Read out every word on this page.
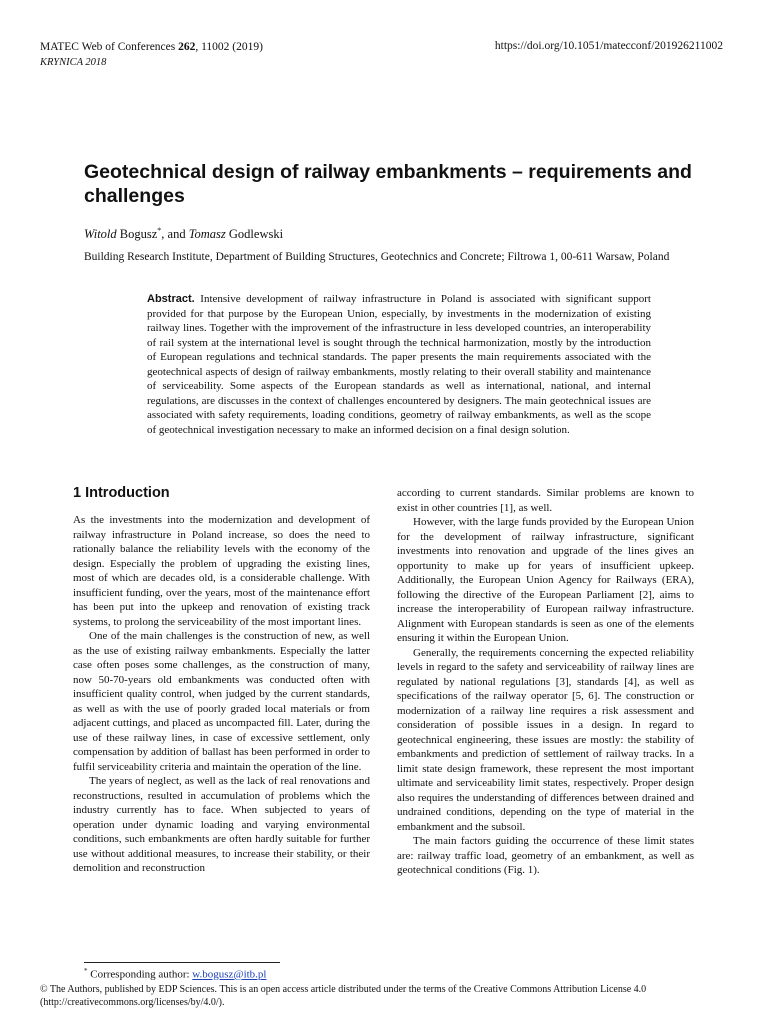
MATEC Web of Conferences 262, 11002 (2019)
KRYNICA 2018
https://doi.org/10.1051/matecconf/201926211002
Geotechnical design of railway embankments – requirements and challenges
Witold Bogusz*, and Tomasz Godlewski
Building Research Institute, Department of Building Structures, Geotechnics and Concrete; Filtrowa 1, 00-611 Warsaw, Poland

Abstract. Intensive development of railway infrastructure in Poland is associated with significant support provided for that purpose by the European Union, especially, by investments in the modernization of existing railway lines. Together with the improvement of the infrastructure in less developed countries, an interoperability of rail system at the international level is sought through the technical harmonization, mostly by the introduction of European regulations and technical standards. The paper presents the main requirements associated with the geotechnical aspects of design of railway embankments, mostly relating to their overall stability and maintenance of serviceability. Some aspects of the European standards as well as international, national, and internal regulations, are discusses in the context of challenges encountered by designers. The main geotechnical issues are associated with safety requirements, loading conditions, geometry of railway embankments, as well as the scope of geotechnical investigation necessary to make an informed decision on a final design solution.

1 Introduction

As the investments into the modernization and development of railway infrastructure in Poland increase, so does the need to rationally balance the reliability levels with the economy of the design. Especially the problem of upgrading the existing lines, most of which are decades old, is a considerable challenge. With insufficient funding, over the years, most of the maintenance effort has been put into the upkeep and renovation of existing track systems, to prolong the serviceability of the most important lines.

One of the main challenges is the construction of new, as well as the use of existing railway embankments. Especially the latter case often poses some challenges, as the construction of many, now 50-70-years old embankments was conducted often with insufficient quality control, when judged by the current standards, as well as with the use of poorly graded local materials or from adjacent cuttings, and placed as uncompacted fill. Later, during the use of these railway lines, in case of excessive settlement, only compensation by addition of ballast has been performed in order to fulfil serviceability criteria and maintain the operation of the line.

The years of neglect, as well as the lack of real renovations and reconstructions, resulted in accumulation of problems which the industry currently has to face. When subjected to years of operation under dynamic loading and varying environmental conditions, such embankments are often hardly suitable for further use without additional measures, to increase their stability, or their demolition and reconstruction

according to current standards. Similar problems are known to exist in other countries [1], as well.

However, with the large funds provided by the European Union for the development of railway infrastructure, significant investments into renovation and upgrade of the lines gives an opportunity to make up for years of insufficient upkeep. Additionally, the European Union Agency for Railways (ERA), following the directive of the European Parliament [2], aims to increase the interoperability of European railway infrastructure. Alignment with European standards is seen as one of the elements ensuring it within the European Union.

Generally, the requirements concerning the expected reliability levels in regard to the safety and serviceability of railway lines are regulated by national regulations [3], standards [4], as well as specifications of the railway operator [5, 6]. The construction or modernization of a railway line requires a risk assessment and consideration of possible issues in a design. In regard to geotechnical engineering, these issues are mostly: the stability of embankments and prediction of settlement of railway tracks. In a limit state design framework, these represent the most important ultimate and serviceability limit states, respectively. Proper design also requires the understanding of differences between drained and undrained conditions, depending on the type of material in the embankment and the subsoil.

The main factors guiding the occurrence of these limit states are: railway traffic load, geometry of an embankment, as well as geotechnical conditions (Fig. 1).

* Corresponding author: w.bogusz@itb.pl
© The Authors, published by EDP Sciences. This is an open access article distributed under the terms of the Creative Commons Attribution License 4.0
(http://creativecommons.org/licenses/by/4.0/).
